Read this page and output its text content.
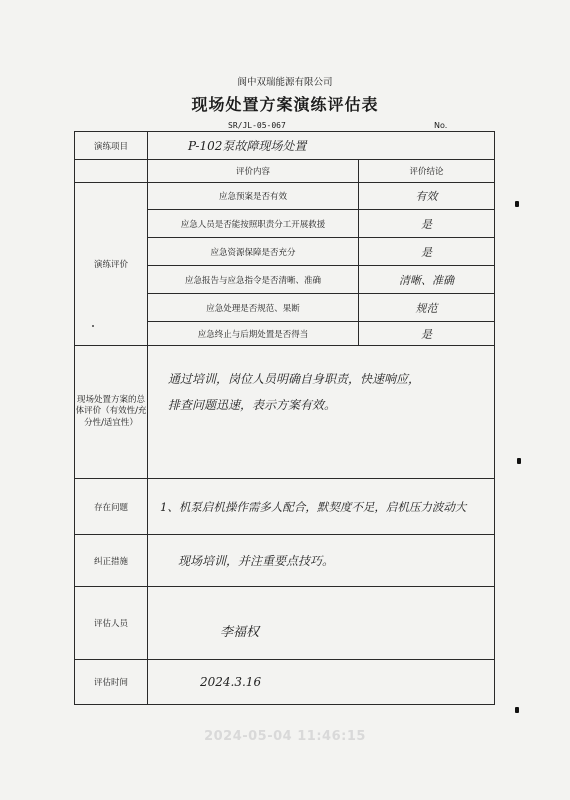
阆中双瑞能源有限公司
现场处置方案演练评估表
SR/JL-05-067	No.
演练项目	P-102泵故障现场处置	
	评价内容	评价结论
演练评价	应急预案是否有效	有效
	应急人员是否能按照职责分工开展救援	是
	应急资源保障是否充分	是
	应急报告与应急指令是否清晰、准确	清晰、准确
	应急处理是否规范、果断	规范
	应急终止与后期处置是否得当	是
现场处置方案的总体评价（有效性/充分性/适宜性）	通过培训，岗位人员明确自身职责，快速响应，
排查问题迅速，表示方案有效。	

存在问题	1、机泵启机操作需多人配合，默契度不足，启机压力波动大	
纠正措施	现场培训，并注重要点技巧。	
评估人员	李福权	
评估时间	2024.3.16	
2024-05-04 11:46:15
